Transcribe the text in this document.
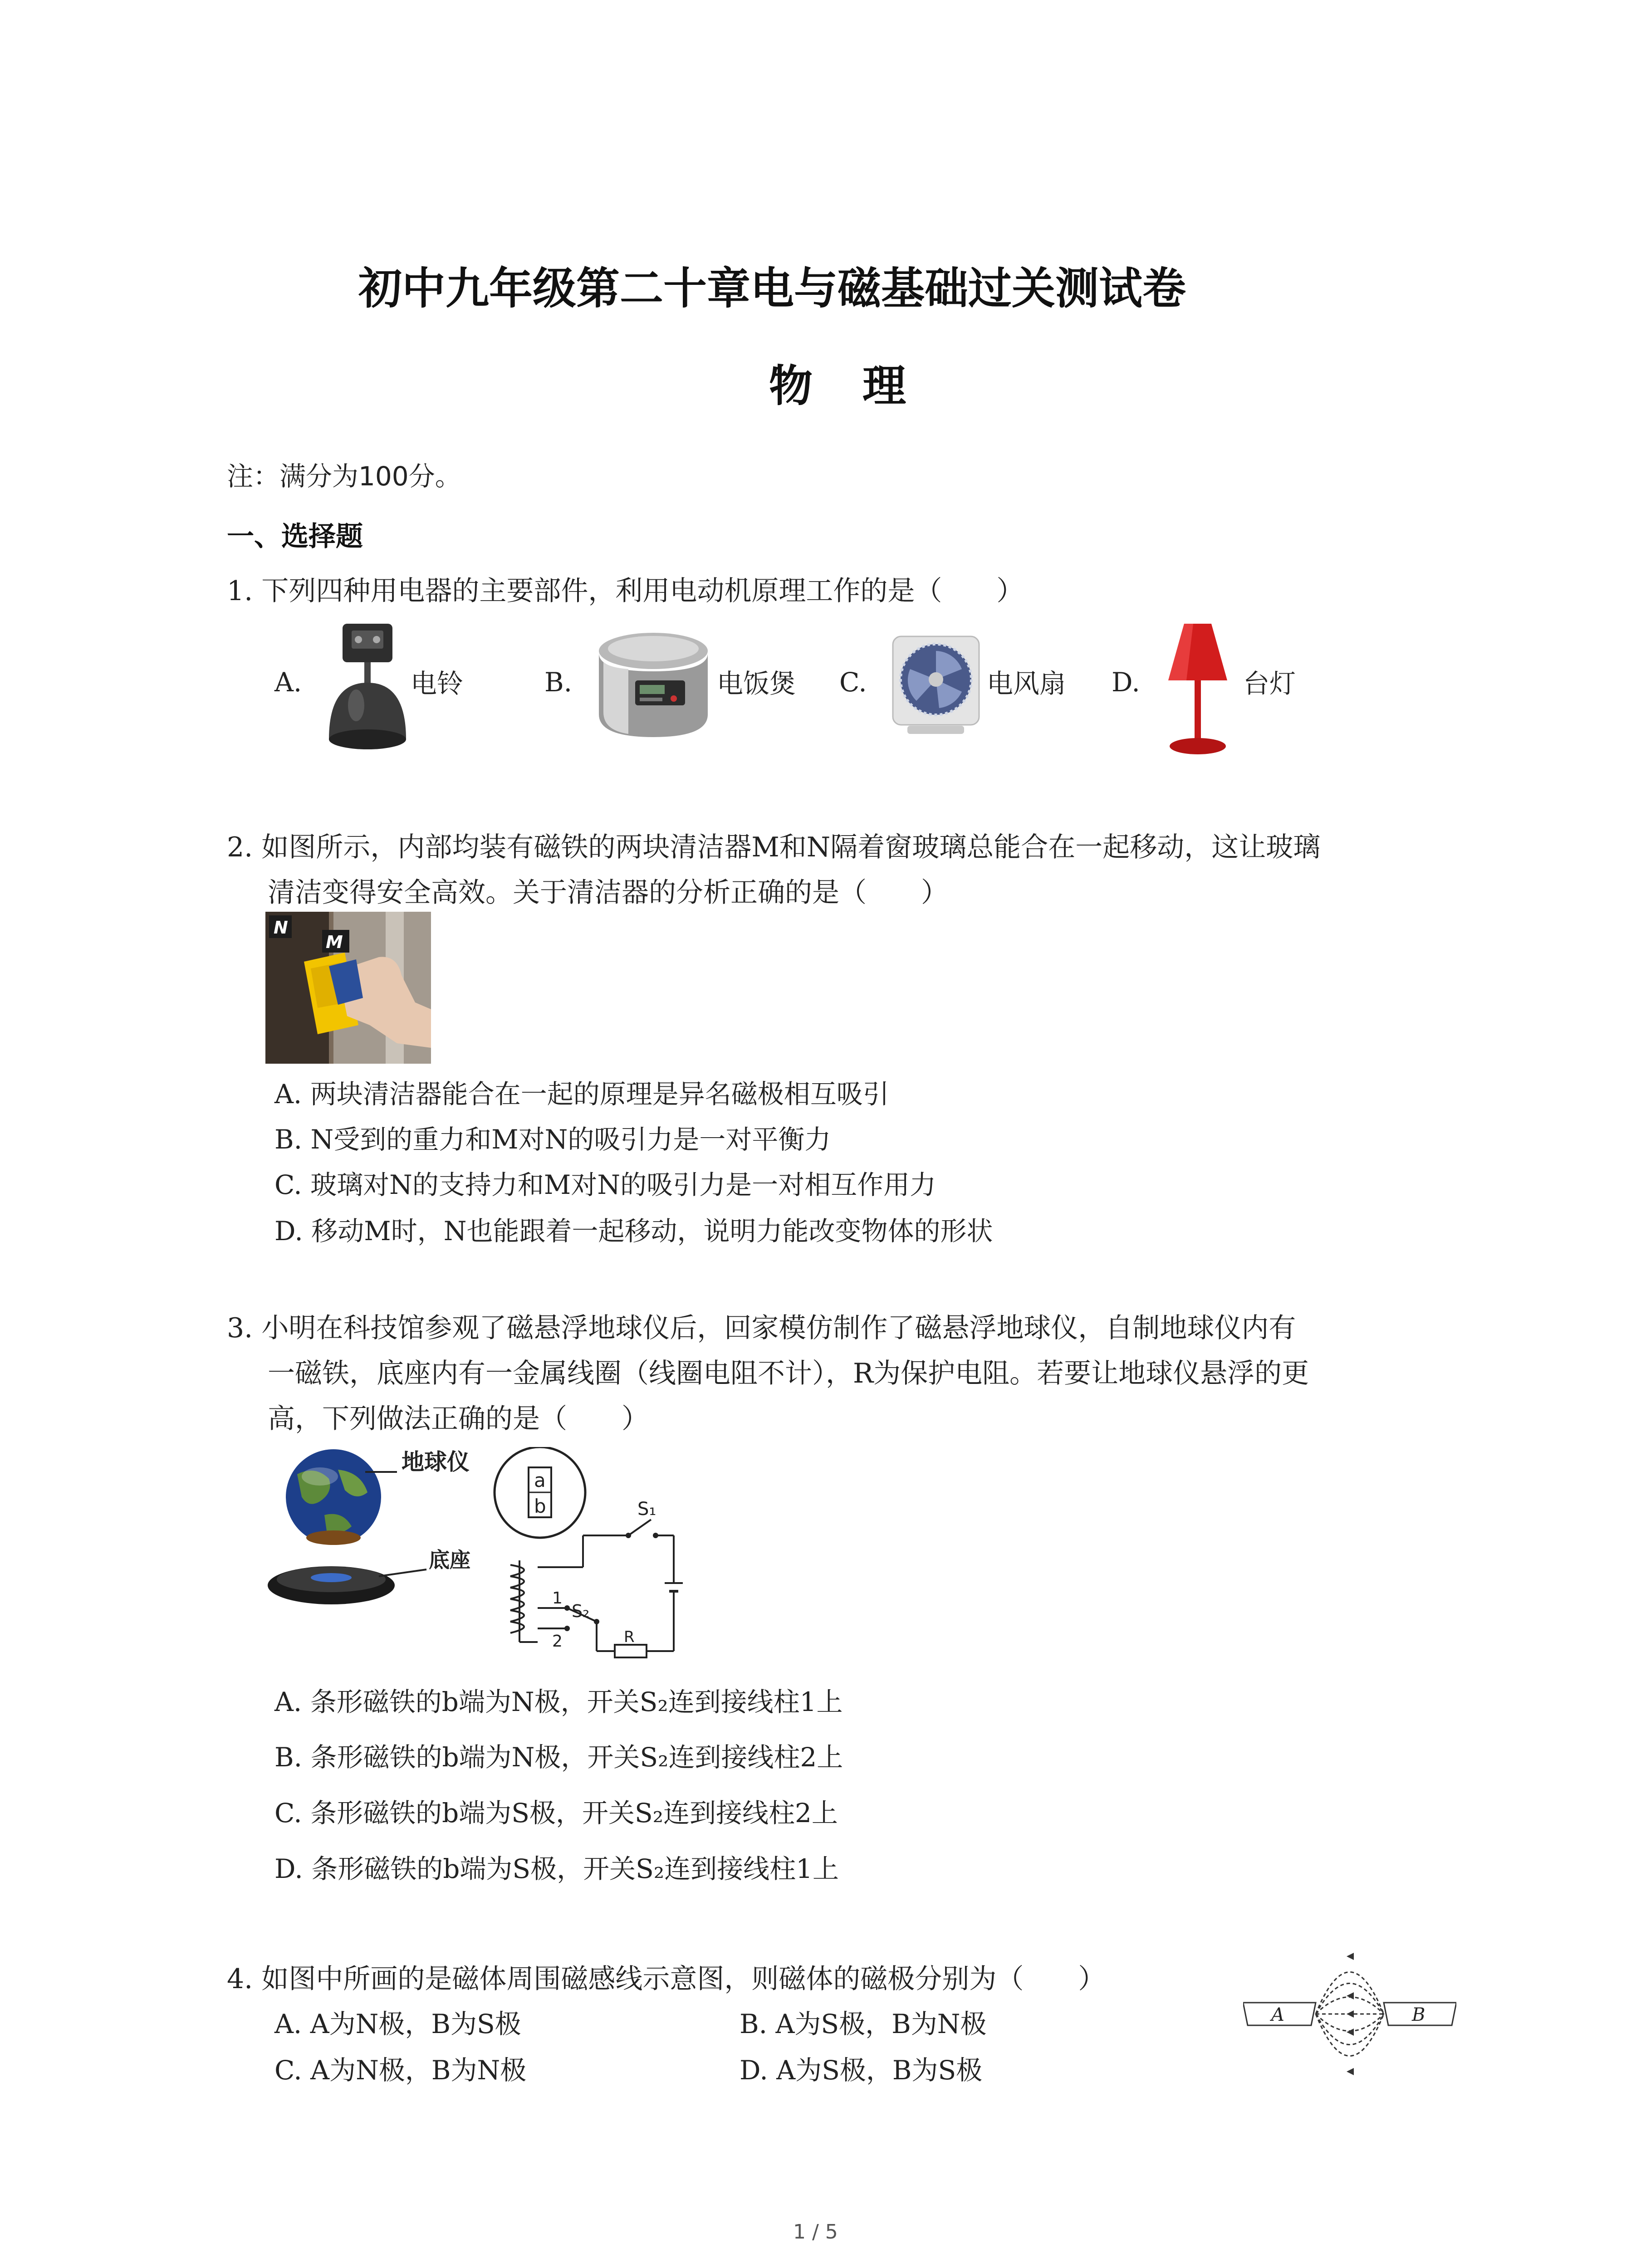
初中九年级第二十章电与磁基础过关测试卷
物理
注：满分为100分。
一、选择题
1. 下列四种用电器的主要部件，利用电动机原理工作的是（　　）
A.	电铃	B.	电饭煲 C.	电风扇 D.	台灯
2. 如图所示，内部均装有磁铁的两块清洁器M和N隔着窗玻璃总能合在一起移动，这让玻璃
清洁变得安全高效。关于清洁器的分析正确的是（　　）
N
M
A. 两块清洁器能合在一起的原理是异名磁极相互吸引
B. N受到的重力和M对N的吸引力是一对平衡力
C. 玻璃对N的支持力和M对N的吸引力是一对相互作用力
D. 移动M时，N也能跟着一起移动，说明力能改变物体的形状
3. 小明在科技馆参观了磁悬浮地球仪后，回家模仿制作了磁悬浮地球仪，自制地球仪内有
一磁铁，底座内有一金属线圈（线圈电阻不计），R为保护电阻。若要让地球仪悬浮的更
高，下列做法正确的是（　　）
地球仪
底座
a
b	S₁
1
2
S₂
R
A. 条形磁铁的b端为N极，开关S₂连到接线柱1上
B. 条形磁铁的b端为N极，开关S₂连到接线柱2上
C. 条形磁铁的b端为S极，开关S₂连到接线柱2上
D. 条形磁铁的b端为S极，开关S₂连到接线柱1上
4. 如图中所画的是磁体周围磁感线示意图，则磁体的磁极分别为（　　）
A. A为N极，B为S极	B. A为S极，B为N极
C. A为N极，B为N极	D. A为S极，B为S极
A	B
1 / 5
